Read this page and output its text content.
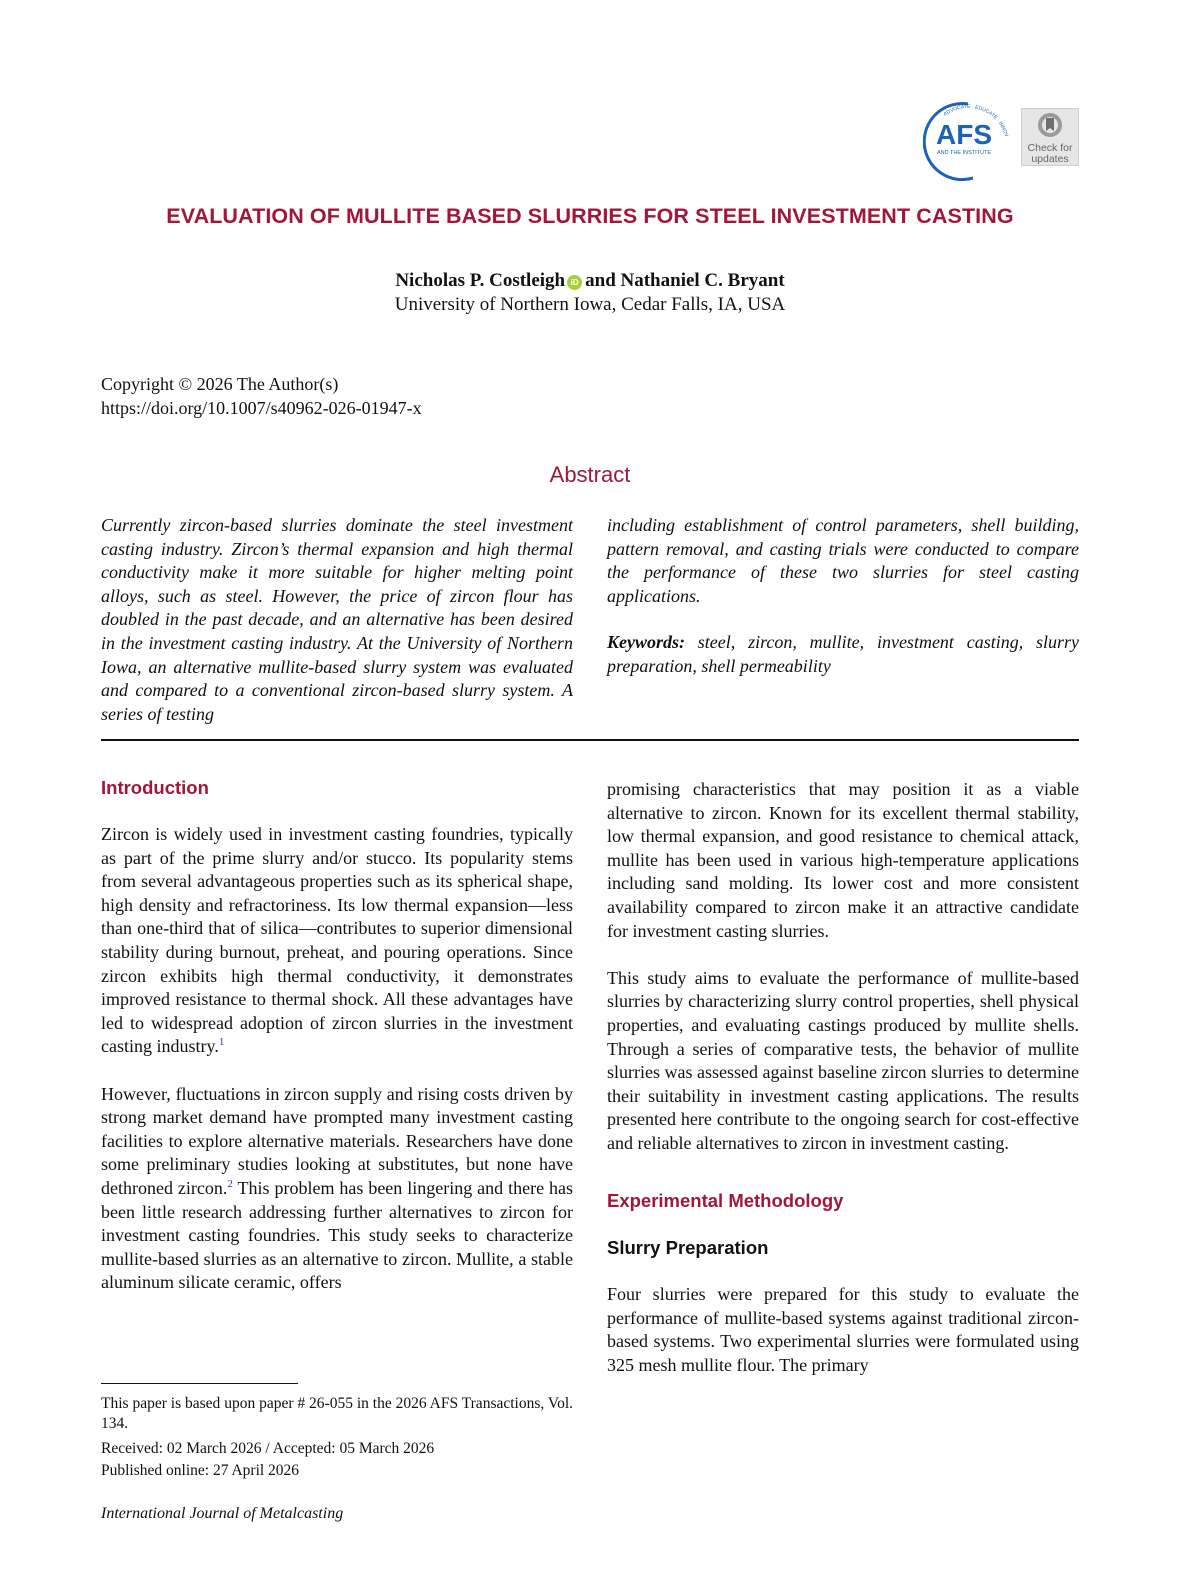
ADVOCATE · EDUCATE · INNOV
AFS
AND THE INSTITUTE	Check for
updates
EVALUATION OF MULLITE BASED SLURRIES FOR STEEL INVESTMENT CASTING
Nicholas P. Costleigh iD and Nathaniel C. Bryant
University of Northern Iowa, Cedar Falls, IA, USA
Copyright © 2026 The Author(s)
https://doi.org/10.1007/s40962-026-01947-x
Abstract
Currently zircon-based slurries dominate the steel investment casting industry. Zircon’s thermal expansion and high thermal conductivity make it more suitable for higher melting point alloys, such as steel. However, the price of zircon flour has doubled in the past decade, and an alternative has been desired in the investment casting industry. At the University of Northern Iowa, an alternative mullite-based slurry system was evaluated and compared to a conventional zircon-based slurry system. A series of testing
including establishment of control parameters, shell building, pattern removal, and casting trials were conducted to compare the performance of these two slurries for steel casting applications.
Keywords: steel, zircon, mullite, investment casting, slurry preparation, shell permeability
Introduction

Zircon is widely used in investment casting foundries, typically as part of the prime slurry and/or stucco. Its popularity stems from several advantageous properties such as its spherical shape, high density and refractoriness. Its low thermal expansion—less than one-third that of silica—contributes to superior dimensional stability during burnout, preheat, and pouring operations. Since zircon exhibits high thermal conductivity, it demonstrates improved resistance to thermal shock. All these advantages have led to widespread adoption of zircon slurries in the investment casting industry.$^1$

However, fluctuations in zircon supply and rising costs driven by strong market demand have prompted many investment casting facilities to explore alternative materials. Researchers have done some preliminary studies looking at substitutes, but none have dethroned zircon.$^2$ This problem has been lingering and there has been little research addressing further alternatives to zircon for investment casting foundries. This study seeks to characterize mullite-based slurries as an alternative to zircon. Mullite, a stable aluminum silicate ceramic, offers

promising characteristics that may position it as a viable alternative to zircon. Known for its excellent thermal stability, low thermal expansion, and good resistance to chemical attack, mullite has been used in various high-temperature applications including sand molding. Its lower cost and more consistent availability compared to zircon make it an attractive candidate for investment casting slurries.

This study aims to evaluate the performance of mullite-based slurries by characterizing slurry control properties, shell physical properties, and evaluating castings produced by mullite shells. Through a series of comparative tests, the behavior of mullite slurries was assessed against baseline zircon slurries to determine their suitability in investment casting applications. The results presented here contribute to the ongoing search for cost-effective and reliable alternatives to zircon in investment casting.

Experimental Methodology
Slurry Preparation

Four slurries were prepared for this study to evaluate the performance of mullite-based systems against traditional zircon-based systems. Two experimental slurries were formulated using 325 mesh mullite flour. The primary

This paper is based upon paper # 26-055 in the 2026 AFS Transactions, Vol. 134.
Received: 02 March 2026 / Accepted: 05 March 2026
Published online: 27 April 2026
International Journal of Metalcasting
